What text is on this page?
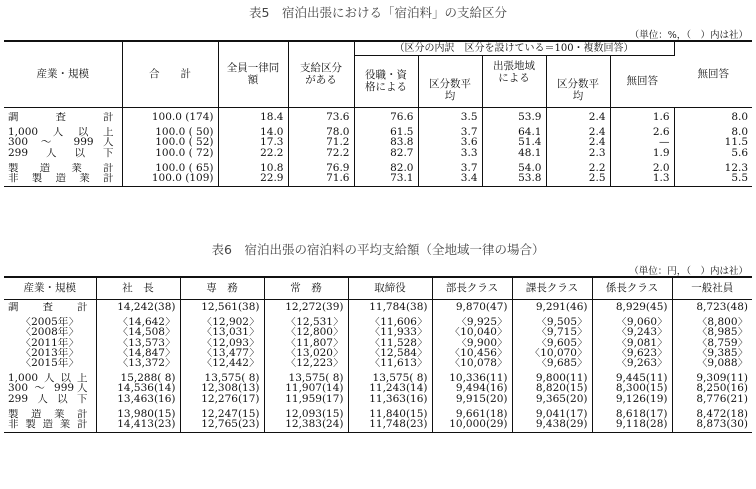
表5　宿泊出張における「宿泊料」の支給区分
（単位：%，（　）内は社）
産業・規模	合　　計	全員一律同額	支給区分がある	（区分の内訳　区分を設けている＝100・複数回答）					無回答
				役職・資格による	区分数平均	出張地域による	区分数平均	無回答	

調　査　計	100.0 (174)	18.4	73.6	76.6	3.5	53.9	2.4	1.6	8.0

1,000人以上	100.0 ( 50)	14.0	78.0	61.5	3.7	64.1	2.4	2.6	8.0
300 ～ 999人	100.0 ( 52)	17.3	71.2	83.8	3.6	51.4	2.4	—	11.5
299人以下	100.0 ( 72)	22.2	72.2	82.7	3.3	48.1	2.3	1.9	5.6

製造業計	100.0 ( 65)	10.8	76.9	82.0	3.7	54.0	2.2	2.0	12.3
非製造業計	100.0 (109)	22.9	71.6	73.1	3.4	53.8	2.5	1.3	5.5

表6　宿泊出張の宿泊料の平均支給額（全地域一律の場合）
（単位：円，（　）内は社）
産業・規模	社　長	専　務	常　務	取締役	部長クラス	課長クラス	係長クラス	一般社員

調　査　計	14,242(38)	12,561(38)	12,272(39)	11,784(38)	9,870(47)	9,291(46)	8,929(45)	8,723(48)

〈2005年〉	〈14,642〉	〈12,902〉	〈12,531〉	〈11,606〉	〈9,925〉	〈9,505〉	〈9,060〉	〈8,800〉
〈2008年〉	〈14,508〉	〈13,031〉	〈12,800〉	〈11,933〉	〈10,040〉	〈9,715〉	〈9,243〉	〈8,985〉
〈2011年〉	〈13,573〉	〈12,093〉	〈11,807〉	〈11,528〉	〈9,900〉	〈9,605〉	〈9,081〉	〈8,759〉
〈2013年〉	〈14,847〉	〈13,477〉	〈13,020〉	〈12,584〉	〈10,456〉	〈10,070〉	〈9,623〉	〈9,385〉
〈2015年〉	〈13,372〉	〈12,442〉	〈12,223〉	〈11,613〉	〈10,078〉	〈9,685〉	〈9,263〉	〈9,088〉

1,000人以上	15,288( 8)	13,575( 8)	13,575( 8)	13,575( 8)	10,336(11)	9,800(11)	9,445(11)	9,309(11)
300 ～ 999人	14,536(14)	12,308(13)	11,907(14)	11,243(14)	9,494(16)	8,820(15)	8,300(15)	8,250(16)
299人以下	13,463(16)	12,276(17)	11,959(17)	11,363(16)	9,915(20)	9,365(20)	9,126(19)	8,776(21)

製造業計	13,980(15)	12,247(15)	12,093(15)	11,840(15)	9,661(18)	9,041(17)	8,618(17)	8,472(18)
非製造業計	14,413(23)	12,765(23)	12,383(24)	11,748(23)	10,000(29)	9,438(29)	9,118(28)	8,873(30)
